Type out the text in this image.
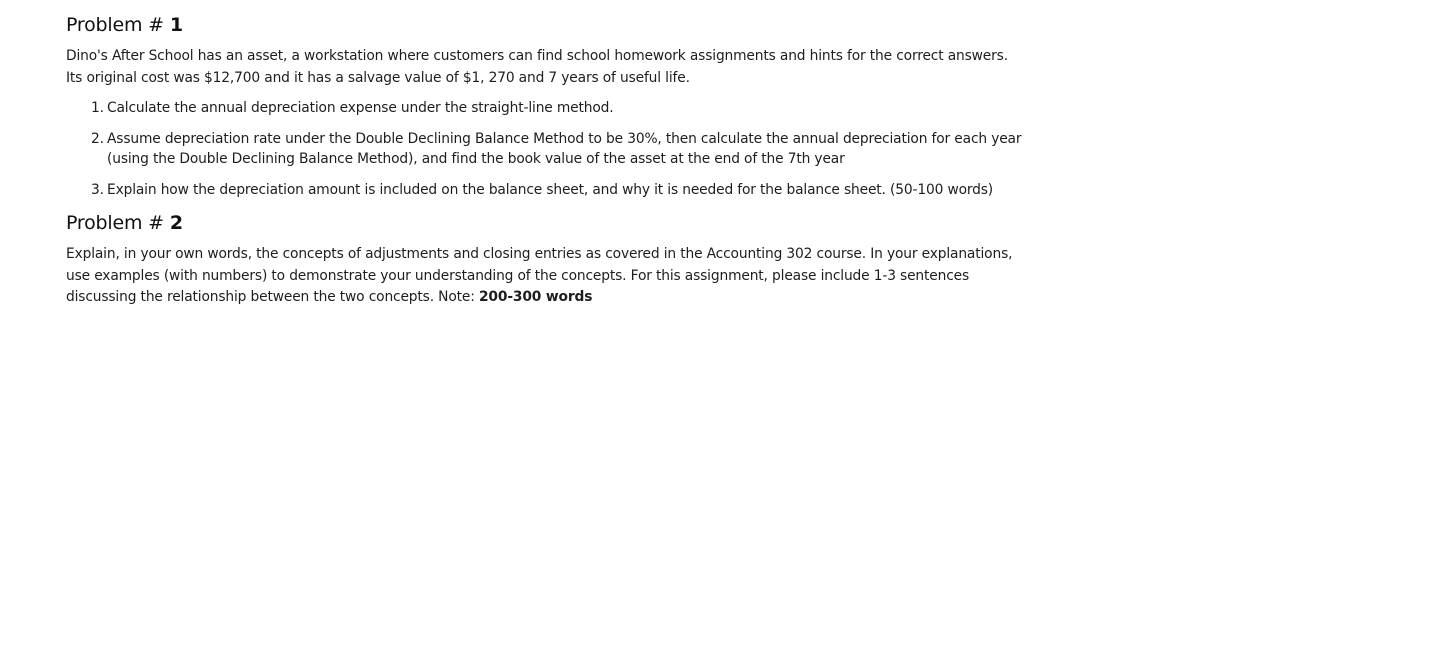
Problem # 1

Dino's After School has an asset, a workstation where customers can find school homework assignments and hints for the correct answers. Its original cost was $12,700 and it has a salvage value of $1, 270 and 7 years of useful life.

1. Calculate the annual depreciation expense under the straight-line method.
2. Assume depreciation rate under the Double Declining Balance Method to be 30%, then calculate the annual depreciation for each year (using the Double Declining Balance Method), and find the book value of the asset at the end of the 7th year
3. Explain how the depreciation amount is included on the balance sheet, and why it is needed for the balance sheet. (50-100 words)
Problem # 2

Explain, in your own words, the concepts of adjustments and closing entries as covered in the Accounting 302 course. In your explanations, use examples (with numbers) to demonstrate your understanding of the concepts. For this assignment, please include 1-3 sentences discussing the relationship between the two concepts. Note: 200-300 words
